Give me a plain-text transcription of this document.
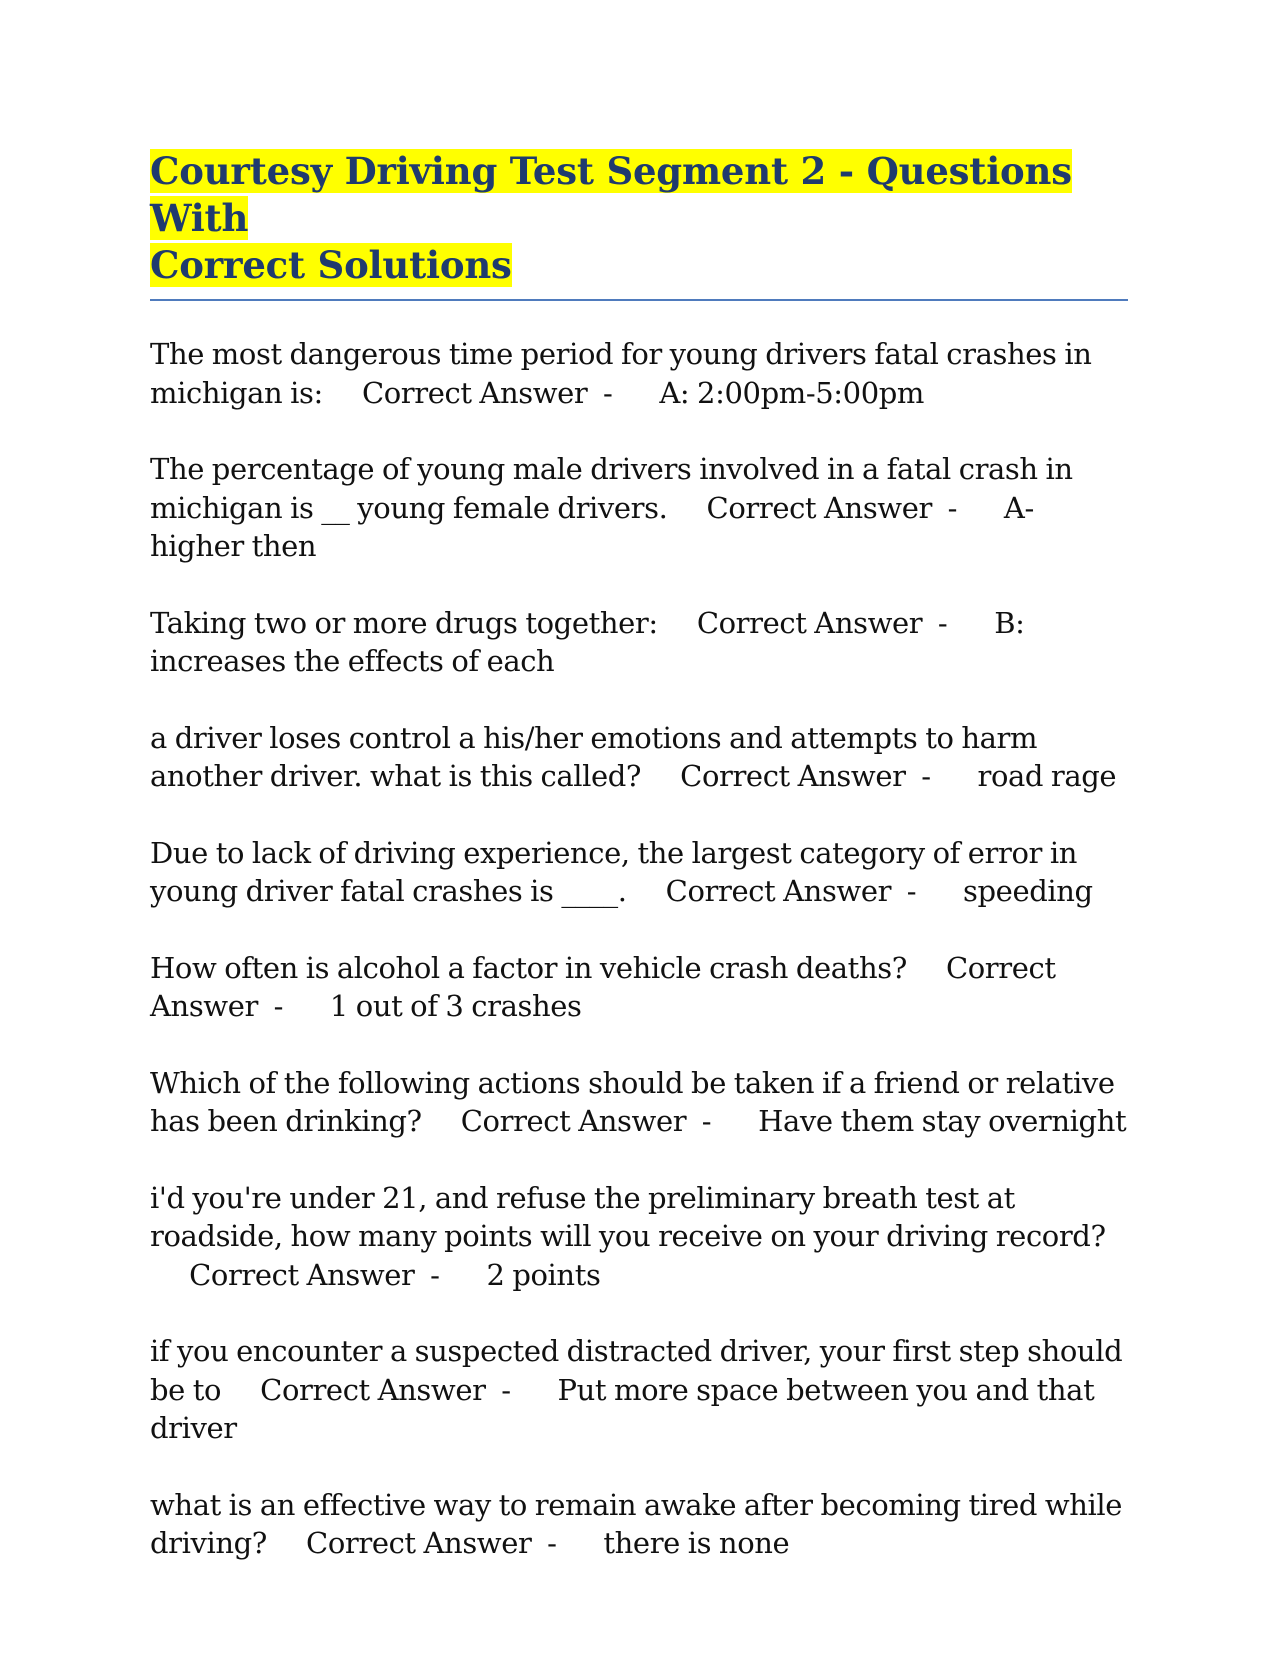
Courtesy Driving Test Segment 2 - Questions With
Correct Solutions

The most dangerous time period for young drivers fatal crashes in michigan is: Correct Answer  -      A: 2:00pm-5:00pm

The percentage of young male drivers involved in a fatal crash in michigan is __ young female drivers. Correct Answer  -      A- higher then

Taking two or more drugs together: Correct Answer  -      B: increases the effects of each

a driver loses control a his/her emotions and attempts to harm another driver. what is this called? Correct Answer  -      road rage

Due to lack of driving experience, the largest category of error in young driver fatal crashes is ____. Correct Answer  -      speeding

How often is alcohol a factor in vehicle crash deaths? Correct Answer  -      1 out of 3 crashes

Which of the following actions should be taken if a friend or relative has been drinking? Correct Answer  -      Have them stay overnight

i'd you're under 21, and refuse the preliminary breath test at roadside, how many points will you receive on your driving record?     Correct Answer  -      2 points

if you encounter a suspected distracted driver, your first step should be to Correct Answer  -      Put more space between you and that driver

what is an effective way to remain awake after becoming tired while driving? Correct Answer  -      there is none
